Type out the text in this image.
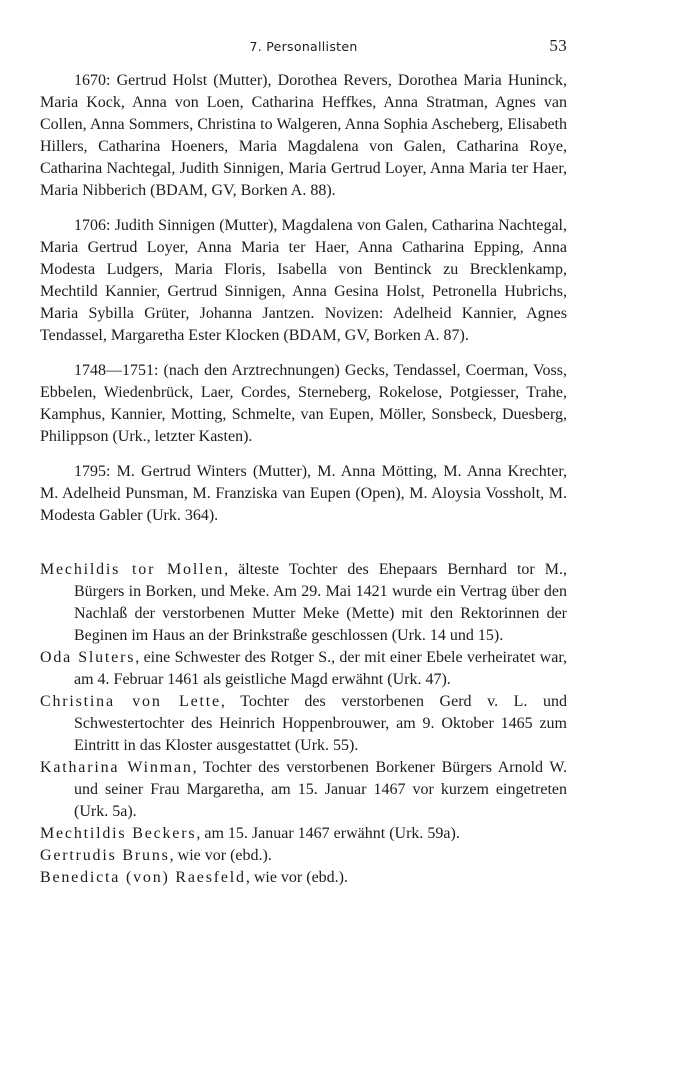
7. Personallisten	53

1670: Gertrud Holst (Mutter), Dorothea Revers, Dorothea Maria Huninck, Maria Kock, Anna von Loen, Catharina Heffkes, Anna Stratman, Agnes van Collen, Anna Sommers, Christina to Walgeren, Anna Sophia Ascheberg, Elisabeth Hillers, Catharina Hoeners, Maria Magdalena von Galen, Catharina Roye, Catharina Nachtegal, Judith Sinnigen, Maria Gertrud Loyer, Anna Maria ter Haer, Maria Nibberich (BDAM, GV, Borken A. 88).

1706: Judith Sinnigen (Mutter), Magdalena von Galen, Catharina Nachtegal, Maria Gertrud Loyer, Anna Maria ter Haer, Anna Catharina Epping, Anna Modesta Ludgers, Maria Floris, Isabella von Bentinck zu Brecklenkamp, Mechtild Kannier, Gertrud Sinnigen, Anna Gesina Holst, Petronella Hubrichs, Maria Sybilla Grüter, Johanna Jantzen. Novizen: Adelheid Kannier, Agnes Tendassel, Margaretha Ester Klocken (BDAM, GV, Borken A. 87).

1748—1751: (nach den Arztrechnungen) Gecks, Tendassel, Coerman, Voss, Ebbelen, Wiedenbrück, Laer, Cordes, Sterneberg, Rokelose, Potgiesser, Trahe, Kamphus, Kannier, Motting, Schmelte, van Eupen, Möller, Sonsbeck, Duesberg, Philippson (Urk., letzter Kasten).

1795: M. Gertrud Winters (Mutter), M. Anna Mötting, M. Anna Krechter, M. Adelheid Punsman, M. Franziska van Eupen (Open), M. Aloysia Vossholt, M. Modesta Gabler (Urk. 364).

Mechildis tor Mollen, älteste Tochter des Ehepaars Bernhard tor M., Bürgers in Borken, und Meke. Am 29. Mai 1421 wurde ein Vertrag über den Nachlaß der verstorbenen Mutter Meke (Mette) mit den Rektorinnen der Beginen im Haus an der Brinkstraße geschlossen (Urk. 14 und 15).

Oda Sluters, eine Schwester des Rotger S., der mit einer Ebele verheiratet war, am 4. Februar 1461 als geistliche Magd erwähnt (Urk. 47).

Christina von Lette, Tochter des verstorbenen Gerd v. L. und Schwestertochter des Heinrich Hoppenbrouwer, am 9. Oktober 1465 zum Eintritt in das Kloster ausgestattet (Urk. 55).

Katharina Winman, Tochter des verstorbenen Borkener Bürgers Arnold W. und seiner Frau Margaretha, am 15. Januar 1467 vor kurzem eingetreten (Urk. 5a).

Mechtildis Beckers, am 15. Januar 1467 erwähnt (Urk. 59a).

Gertrudis Bruns, wie vor (ebd.).

Benedicta (von) Raesfeld, wie vor (ebd.).
